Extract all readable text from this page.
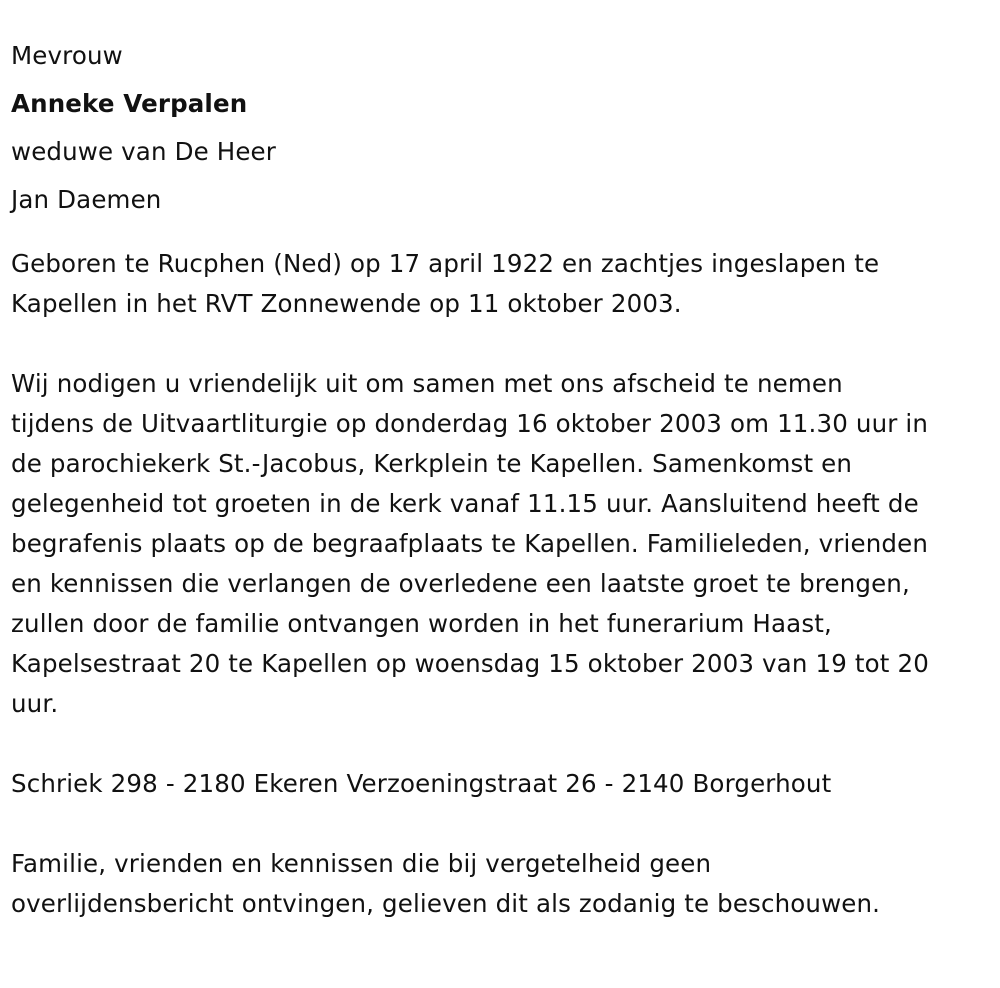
Mevrouw
Anneke Verpalen
weduwe van De Heer
Jan Daemen

Geboren te Rucphen (Ned) op 17 april 1922 en zachtjes ingeslapen te
Kapellen in het RVT Zonnewende op 11 oktober 2003.

Wij nodigen u vriendelijk uit om samen met ons afscheid te nemen
tijdens de Uitvaartliturgie op donderdag 16 oktober 2003 om 11.30 uur in
de parochiekerk St.-Jacobus, Kerkplein te Kapellen. Samenkomst en
gelegenheid tot groeten in de kerk vanaf 11.15 uur. Aansluitend heeft de
begrafenis plaats op de begraafplaats te Kapellen. Familieleden, vrienden
en kennissen die verlangen de overledene een laatste groet te brengen,
zullen door de familie ontvangen worden in het funerarium Haast,
Kapelsestraat 20 te Kapellen op woensdag 15 oktober 2003 van 19 tot 20
uur.

Schriek 298 - 2180 Ekeren Verzoeningstraat 26 - 2140 Borgerhout

Familie, vrienden en kennissen die bij vergetelheid geen
overlijdensbericht ontvingen, gelieven dit als zodanig te beschouwen.
